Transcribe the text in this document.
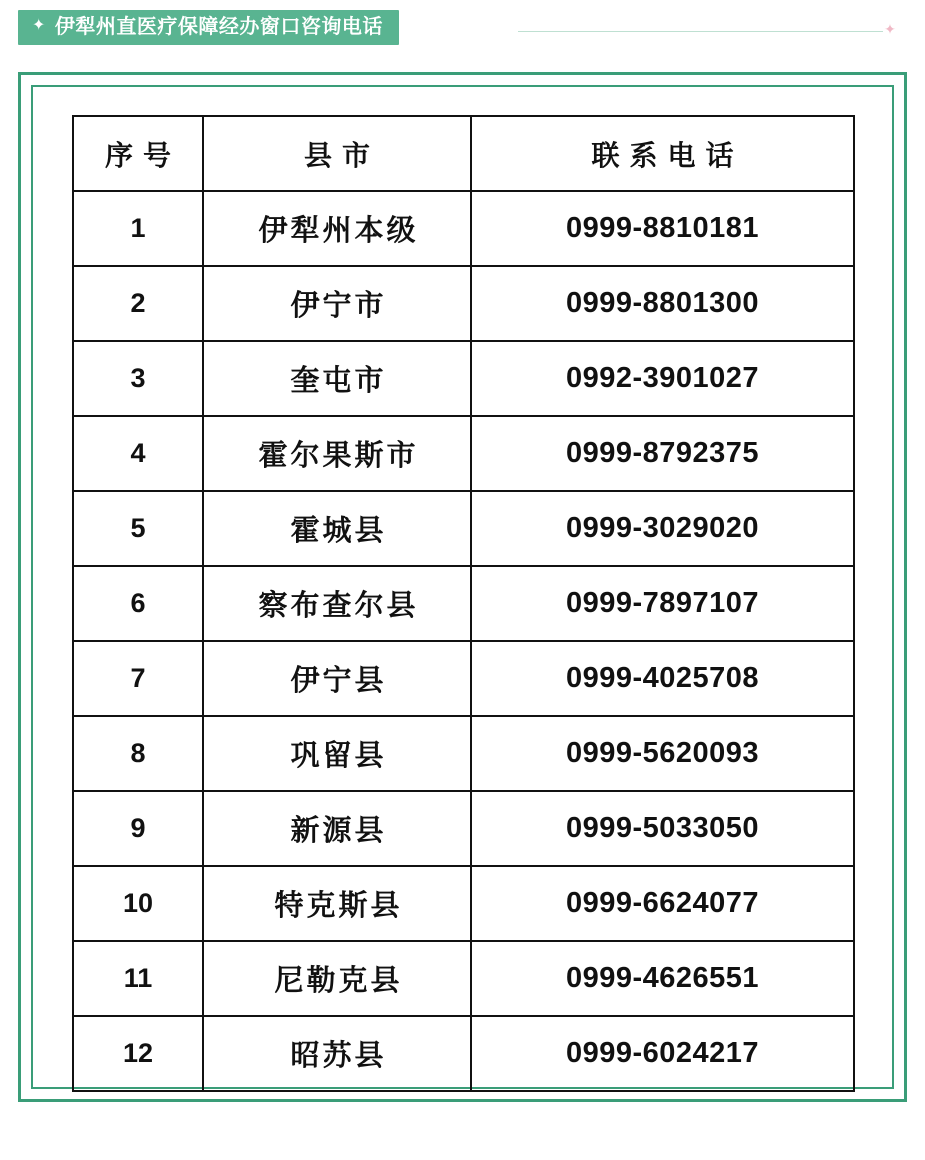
✦ 伊犁州直医疗保障经办窗口咨询电话	✦
序号	县市	联系电话
1	伊犁州本级	0999-8810181
2	伊宁市	0999-8801300
3	奎屯市	0992-3901027
4	霍尔果斯市	0999-8792375
5	霍城县	0999-3029020
6	察布查尔县	0999-7897107
7	伊宁县	0999-4025708
8	巩留县	0999-5620093
9	新源县	0999-5033050
10	特克斯县	0999-6624077
11	尼勒克县	0999-4626551
12	昭苏县	0999-6024217
